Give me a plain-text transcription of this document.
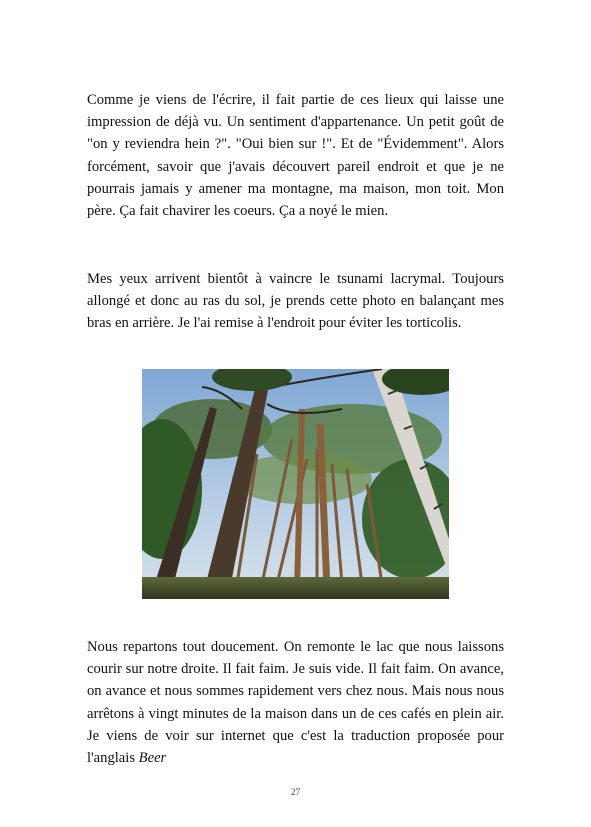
Comme je viens de l'écrire, il fait partie de ces lieux qui laisse une impression de déjà vu. Un sentiment d'appartenance. Un petit goût de "on y reviendra hein ?". "Oui bien sur !". Et de "Évidemment". Alors forcément, savoir que j'avais découvert pareil endroit et que je ne pourrais jamais y amener ma montagne, ma maison, mon toit. Mon père. Ça fait chavirer les coeurs. Ça a noyé le mien.

Mes yeux arrivent bientôt à vaincre le tsunami lacrymal. Toujours allongé et donc au ras du sol, je prends cette photo en balançant mes bras en arrière. Je l'ai remise à l'endroit pour éviter les torticolis.

Nous repartons tout doucement. On remonte le lac que nous laissons courir sur notre droite. Il fait faim. Je suis vide. Il fait faim. On avance, on avance et nous sommes rapidement vers chez nous. Mais nous nous arrêtons à vingt minutes de la maison dans un de ces cafés en plein air. Je viens de voir sur internet que c'est la traduction proposée pour l'anglais Beer

27
